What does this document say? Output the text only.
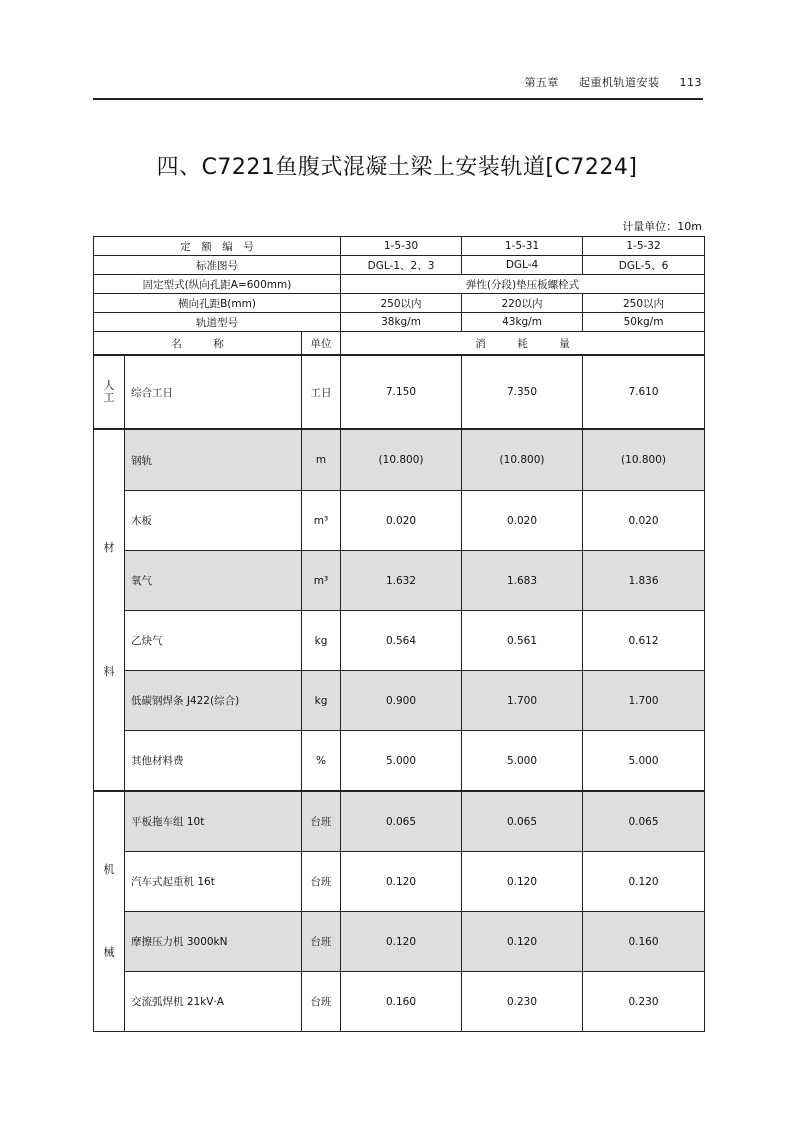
第五章 起重机轨道安装 113
四、C7221鱼腹式混凝土梁上安装轨道[C7224]
计量单位：10m
定　额　编　号			1-5-30	1-5-31	1-5-32
标准图号			DGL-1、2、3	DGL-4	DGL-5、6
固定型式(纵向孔距A=600mm)			弹性(分段)垫压板螺栓式		
横向孔距B(mm)			250以内	220以内	250以内
轨道型号			38kg/m	43kg/m	50kg/m
名　　　称		单位	消　　　耗　　　量		

人
工	综合工日	工日	7.150	7.350	7.610

材
料	钢轨	m	(10.800)	(10.800)	(10.800)
	木板	m³	0.020	0.020	0.020
	氧气	m³	1.632	1.683	1.836
	乙炔气	kg	0.564	0.561	0.612
	低碳钢焊条 J422(综合)	kg	0.900	1.700	1.700
	其他材料费	%	5.000	5.000	5.000

机
械	平板拖车组 10t	台班	0.065	0.065	0.065
	汽车式起重机 16t	台班	0.120	0.120	0.120
	摩擦压力机 3000kN	台班	0.120	0.120	0.160
	交流弧焊机 21kV·A	台班	0.160	0.230	0.230
